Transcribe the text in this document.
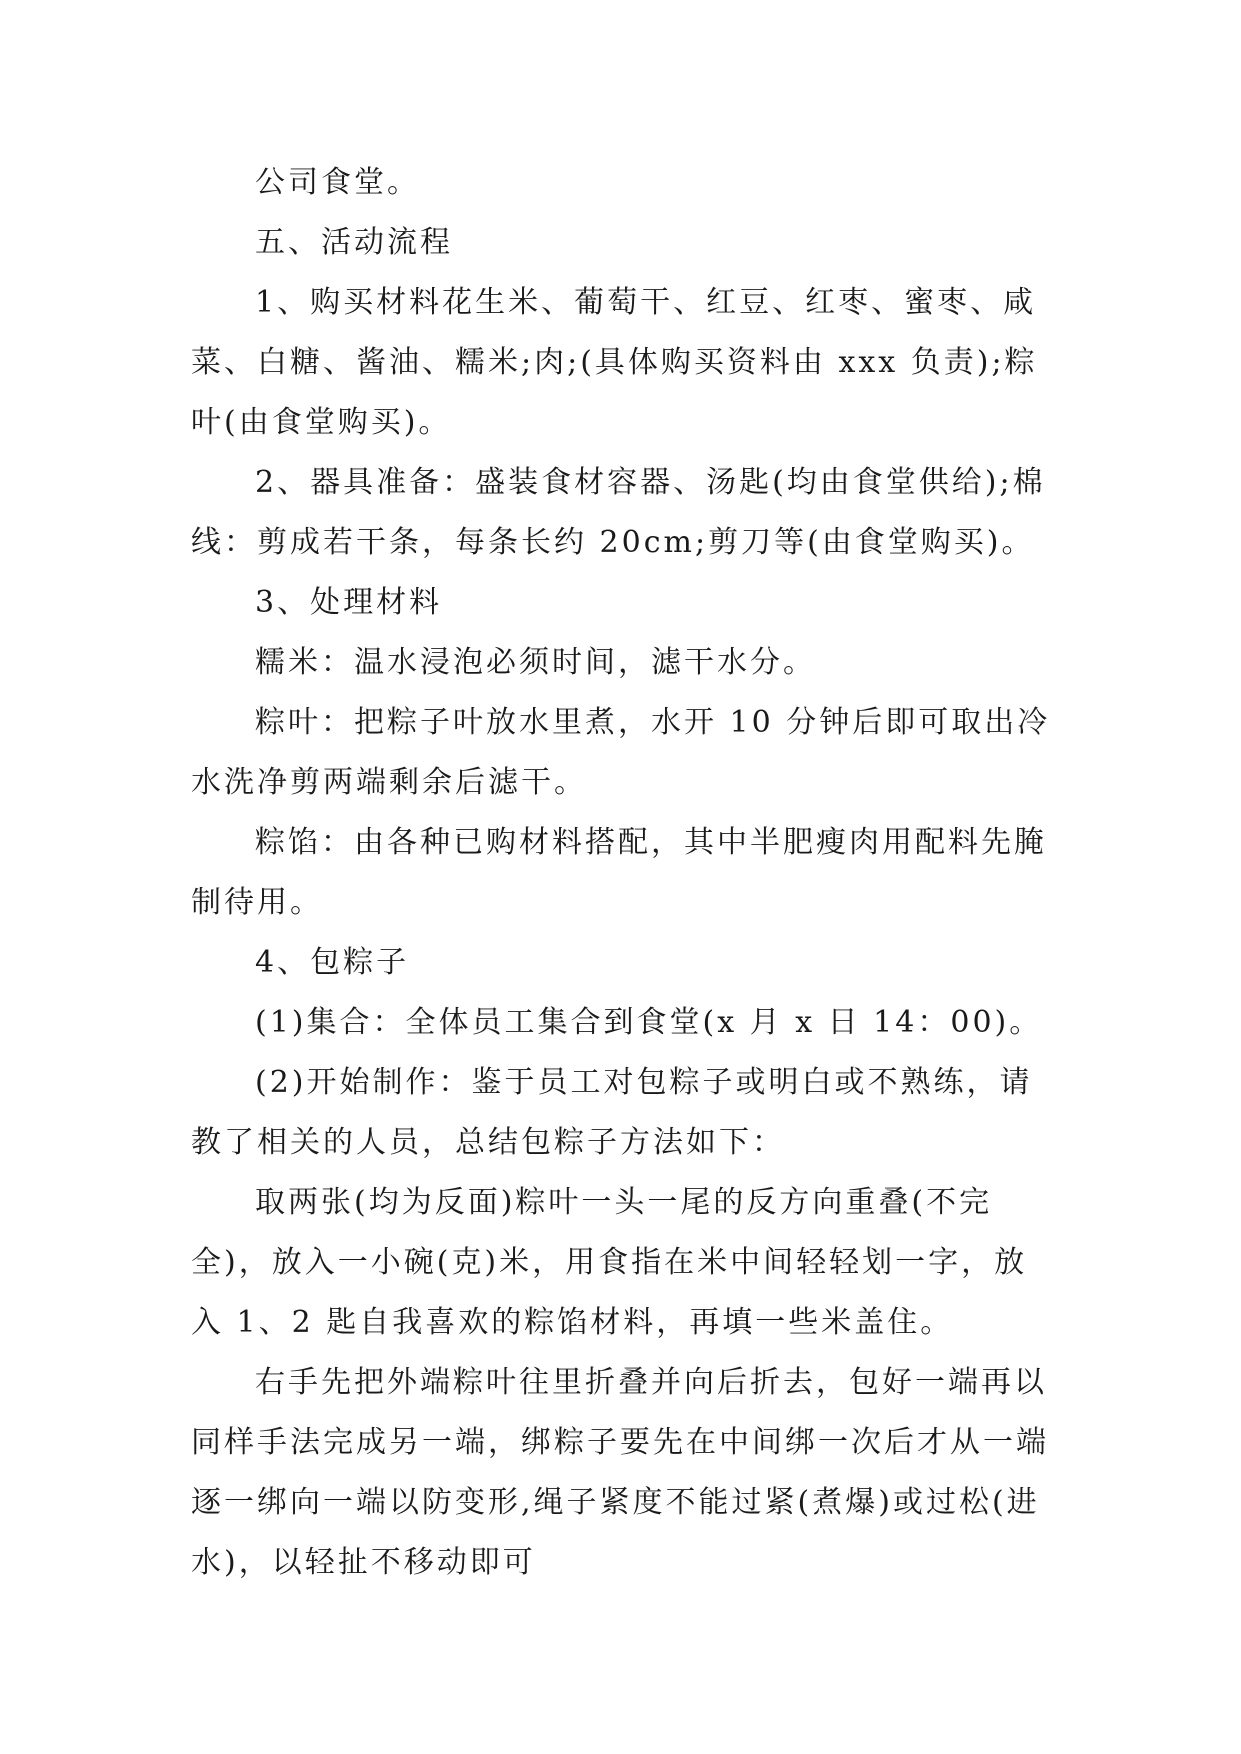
公司食堂。

五、活动流程

1、购买材料花生米、葡萄干、红豆、红枣、蜜枣、咸

菜、白糖、酱油、糯米;肉;(具体购买资料由 xxx 负责);粽

叶(由食堂购买)。

2、器具准备：盛装食材容器、汤匙(均由食堂供给);棉

线：剪成若干条，每条长约 20cm;剪刀等(由食堂购买)。

3、处理材料

糯米：温水浸泡必须时间，滤干水分。

粽叶：把粽子叶放水里煮，水开 10 分钟后即可取出冷

水洗净剪两端剩余后滤干。

粽馅：由各种已购材料搭配，其中半肥瘦肉用配料先腌

制待用。

4、包粽子

(1)集合：全体员工集合到食堂(x 月 x 日 14：00)。

(2)开始制作：鉴于员工对包粽子或明白或不熟练，请

教了相关的人员，总结包粽子方法如下：

取两张(均为反面)粽叶一头一尾的反方向重叠(不完

全)，放入一小碗(克)米，用食指在米中间轻轻划一字，放

入 1、2 匙自我喜欢的粽馅材料，再填一些米盖住。

右手先把外端粽叶往里折叠并向后折去，包好一端再以

同样手法完成另一端，绑粽子要先在中间绑一次后才从一端

逐一绑向一端以防变形,绳子紧度不能过紧(煮爆)或过松(进

水)，以轻扯不移动即可
